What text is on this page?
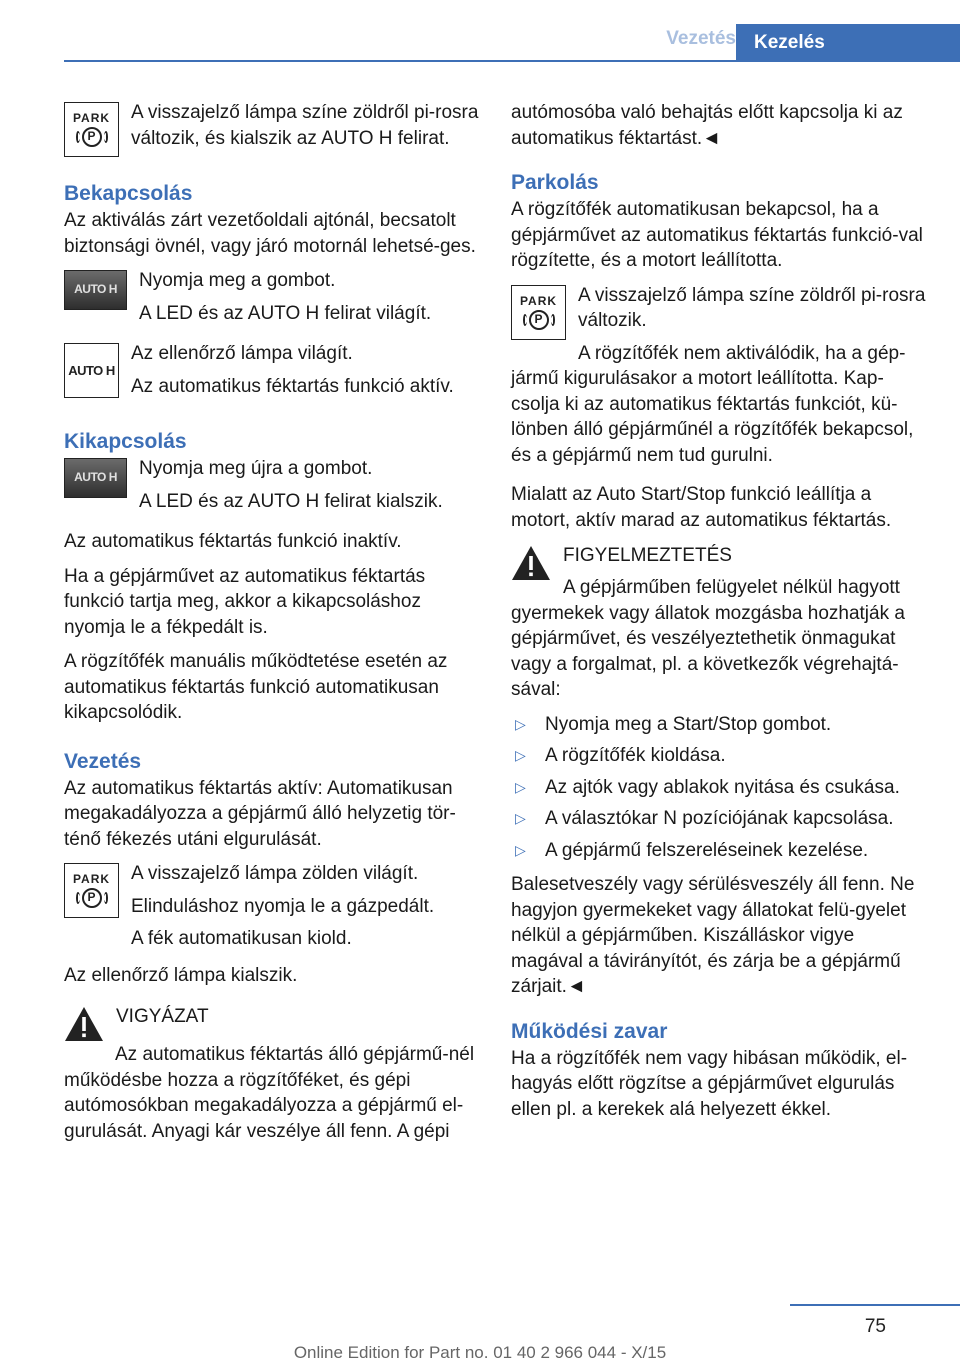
Vezetés Kezelés
PARK
P

A visszajelző lámpa színe zöldről pi-rosra változik, és kialszik az AUTO H felirat.

Bekapcsolás

Az aktiválás zárt vezetőoldali ajtónál, becsatolt biztonsági övnél, vagy járó motornál lehetsé-ges.

AUTO H	Nyomja meg a gombot.

A LED és az AUTO H felirat világít.

AUTO H

Az ellenőrző lámpa világít.

Az automatikus féktartás funkció aktív.

Kikapcsolás
AUTO H	Nyomja meg újra a gombot.

A LED és az AUTO H felirat kialszik.

Az automatikus féktartás funkció inaktív.

Ha a gépjárművet az automatikus féktartás funkció tartja meg, akkor a kikapcsoláshoz nyomja le a fékpedált is.

A rögzítőfék manuális működtetése esetén az automatikus féktartás funkció automatikusan kikapcsolódik.

Vezetés

Az automatikus féktartás aktív: Automatikusan megakadályozza a gépjármű álló helyzetig tör-ténő fékezés utáni elgurulását.

PARK
P

A visszajelző lámpa zölden világít.

Elinduláshoz nyomja le a gázpedált.

A fék automatikusan kiold.

Az ellenőrző lámpa kialszik.

VIGYÁZAT

Az automatikus féktartás álló gépjármű-nél működésbe hozza a rögzítőféket, és gépi autómosókban megakadályozza a gépjármű el-gurulását. Anyagi kár veszélye áll fenn. A gépi

autómosóba való behajtás előtt kapcsolja ki az automatikus féktartást.◄

Parkolás

A rögzítőfék automatikusan bekapcsol, ha a gépjárművet az automatikus féktartás funkció-val rögzítette, és a motort leállította.

PARK
P

A visszajelző lámpa színe zöldről pi-rosra változik.

A rögzítőfék nem aktiválódik, ha a gép-jármű kigurulásakor a motort leállította. Kap-csolja ki az automatikus féktartás funkciót, kü-lönben álló gépjárműnél a rögzítőfék bekapcsol, és a gépjármű nem tud gurulni.

Mialatt az Auto Start/Stop funkció leállítja a motort, aktív marad az automatikus féktartás.

FIGYELMEZTETÉS

A gépjárműben felügyelet nélkül hagyott gyermekek vagy állatok mozgásba hozhatják a gépjárművet, és veszélyeztethetik önmagukat vagy a forgalmat, pl. a következők végrehajtá-sával:

▷ Nyomja meg a Start/Stop gombot.
▷ A rögzítőfék kioldása.
▷ Az ajtók vagy ablakok nyitása és csukása.
▷ A választókar N pozíciójának kapcsolása.
▷ A gépjármű felszereléseinek kezelése.

Balesetveszély vagy sérülésveszély áll fenn. Ne hagyjon gyermekeket vagy állatokat felü-gyelet nélkül a gépjárműben. Kiszálláskor vigye magával a távirányítót, és zárja be a gépjármű zárjait.◄

Működési zavar

Ha a rögzítőfék nem vagy hibásan működik, el-hagyás előtt rögzítse a gépjárművet elgurulás ellen pl. a kerekek alá helyezett ékkel.

75
Online Edition for Part no. 01 40 2 966 044 - X/15
